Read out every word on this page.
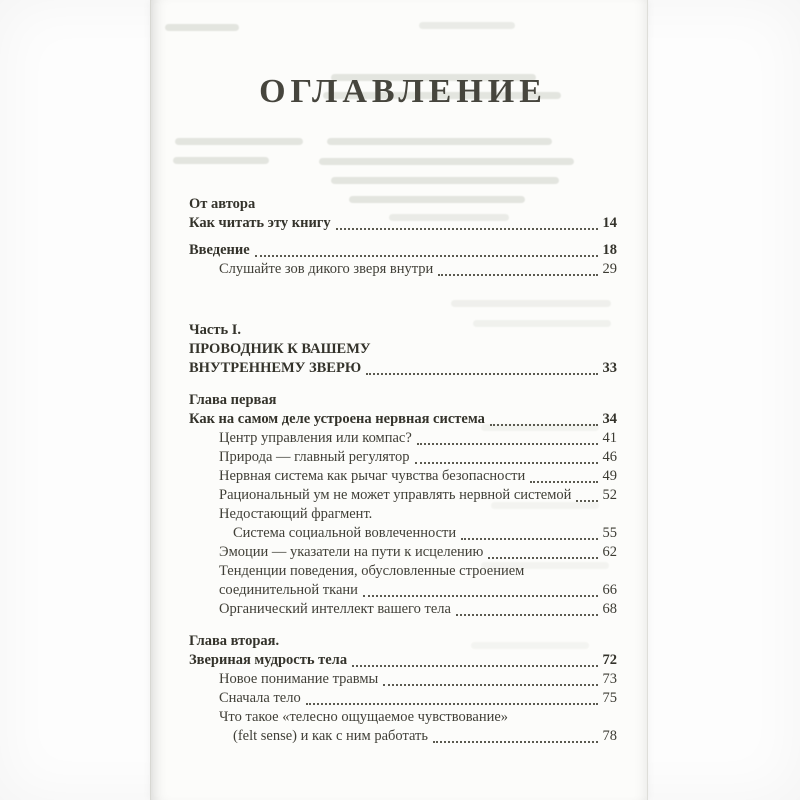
ОГЛАВЛЕНИЕ
От автора
Как читать эту книгу	14
Введение	18
Слушайте зов дикого зверя внутри	29
Часть I.
ПРОВОДНИК К ВАШЕМУ
ВНУТРЕННЕМУ ЗВЕРЮ	33
Глава первая
Как на самом деле устроена нервная система	34
Центр управления или компас?	41
Природа — главный регулятор	46
Нервная система как рычаг чувства безопасности	49
Рациональный ум не может управлять нервной системой 52
Недостающий фрагмент.
Система социальной вовлеченности	55
Эмоции — указатели на пути к исцелению	62
Тенденции поведения, обусловленные строением
соединительной ткани	66
Органический интеллект вашего тела	68
Глава вторая.
Звериная мудрость тела	72
Новое понимание травмы	73
Сначала тело	75
Что такое «телесно ощущаемое чувствование»
(felt sense) и как с ним работать	78
